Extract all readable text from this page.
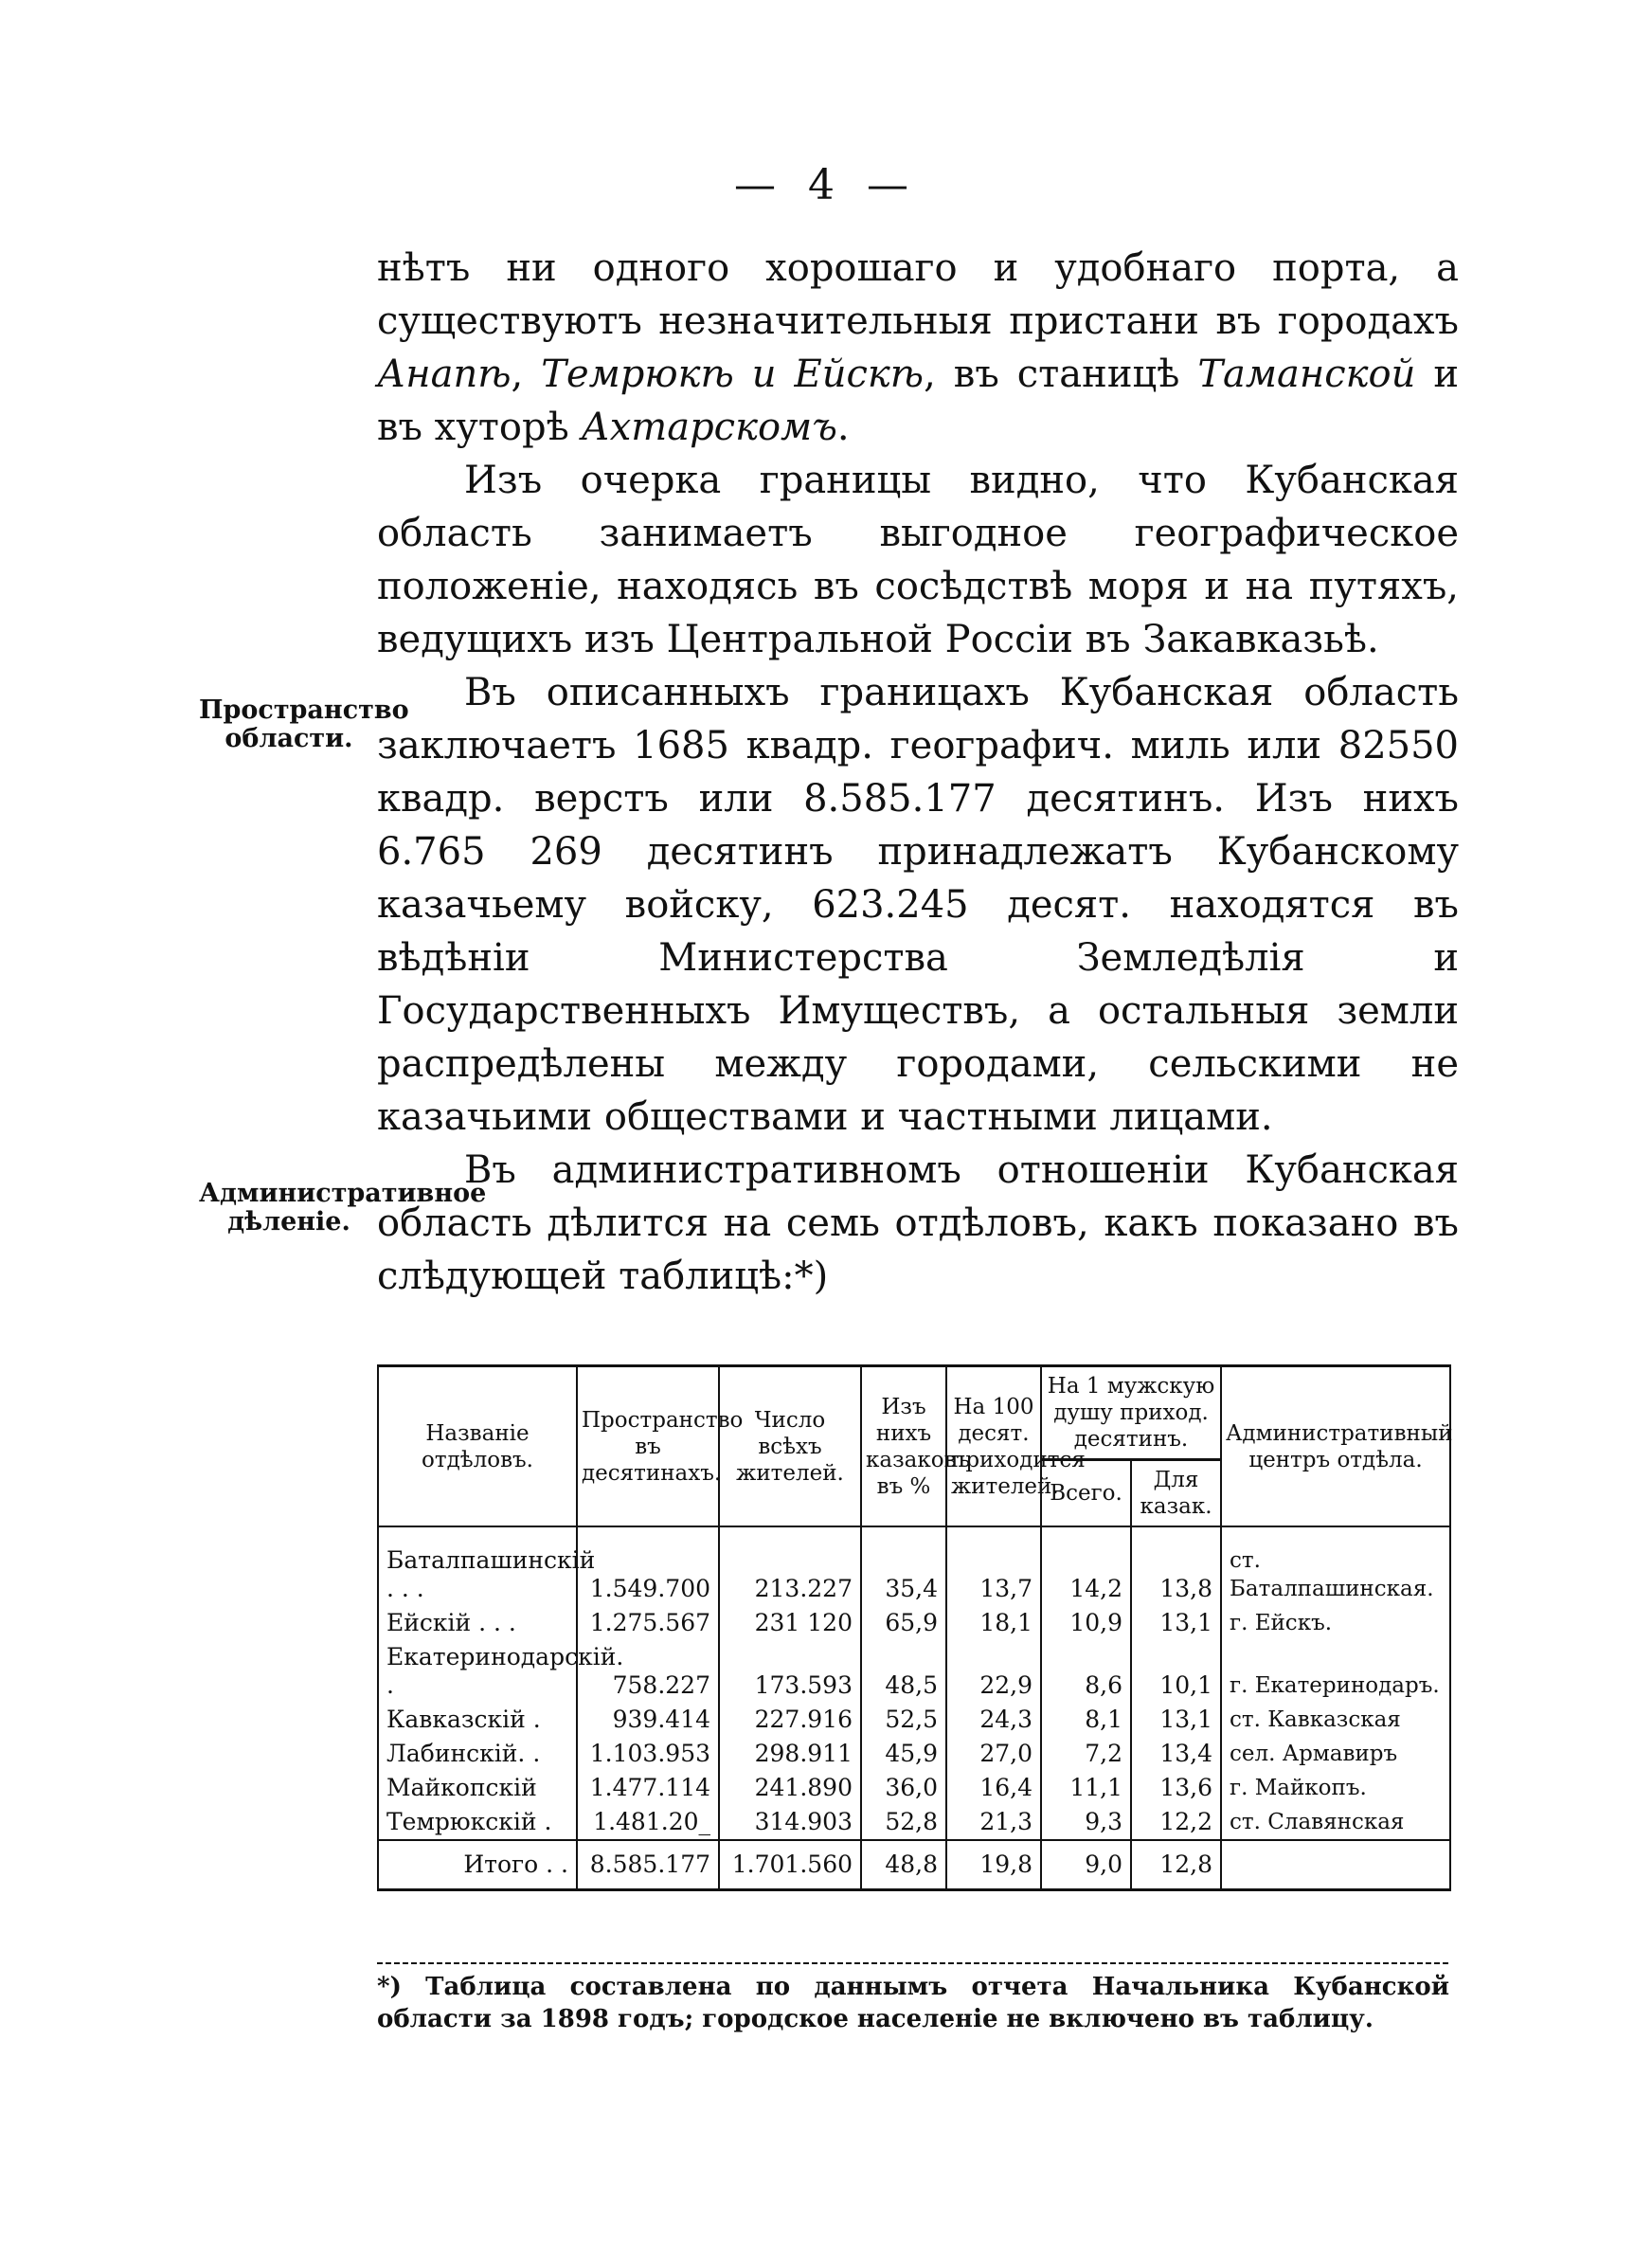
— 4 —

нѣтъ ни одного хорошаго и удобнаго порта, а существуютъ незначительныя пристани въ городахъ Анапѣ, Темрюкѣ и Ейскѣ, въ станицѣ Таманской и въ хуторѣ Ахтарскомъ.

Изъ очерка границы видно, что Кубанская область занимаетъ выгодное географическое положенiе, находясь въ сосѣдствѣ моря и на путяхъ, ведущихъ изъ Центральной Россiи въ Закавказьѣ.

Въ описанныхъ границахъ Кубанская область заключаетъ 1685 квадр. географич. миль или 82550 квадр. верстъ или 8.585.177 десятинъ. Изъ нихъ 6.765 269 десятинъ принадлежатъ Кубанскому казачьему войску, 623.245 десят. находятся въ вѣдѣнiи Министерства Земледѣлiя и Государственныхъ Имуществъ, а остальныя земли распредѣлены между городами, сельскими не казачьими обществами и частными лицами.

Въ административномъ отношенiи Кубанская область дѣлится на семь отдѣловъ, какъ показано въ слѣдующей таблицѣ:*)

Пространство области.
Административное дѣленiе.
Названiе отдѣловъ.	Пространство въ десятинахъ.	Число всѣхъ жителей.	Изъ нихъ казаковъ въ %	На 100 десят. приходится жителей.	На 1 мужскую душу приход. десятинъ.		Административный центръ отдѣла.
					Всего.	Для казак.	
Баталпашинскiй . . .	1.549.700	213.227	35,4	13,7	14,2	13,8	ст. Баталпашинская.
Ейскiй . . .	1.275.567	231 120	65,9	18,1	10,9	13,1	г. Ейскъ.
Екатеринодарскiй. .	758.227	173.593	48,5	22,9	8,6	10,1	г. Екатеринодаръ.
Кавказскiй .	939.414	227.916	52,5	24,3	8,1	13,1	ст. Кавказская
Лабинскiй. .	1.103.953	298.911	45,9	27,0	7,2	13,4	сел. Армавиръ
Майкопскiй	1.477.114	241.890	36,0	16,4	11,1	13,6	г. Майкопъ.
Темрюкскiй .	1.481.20_	314.903	52,8	21,3	9,3	12,2	ст. Славянская
Итого . .	8.585.177	1.701.560	48,8	19,8	9,0	12,8	
*) Таблица составлена по даннымъ отчета Начальника Кубанской области за 1898 годъ; городское населенiе не включено въ таблицу.
